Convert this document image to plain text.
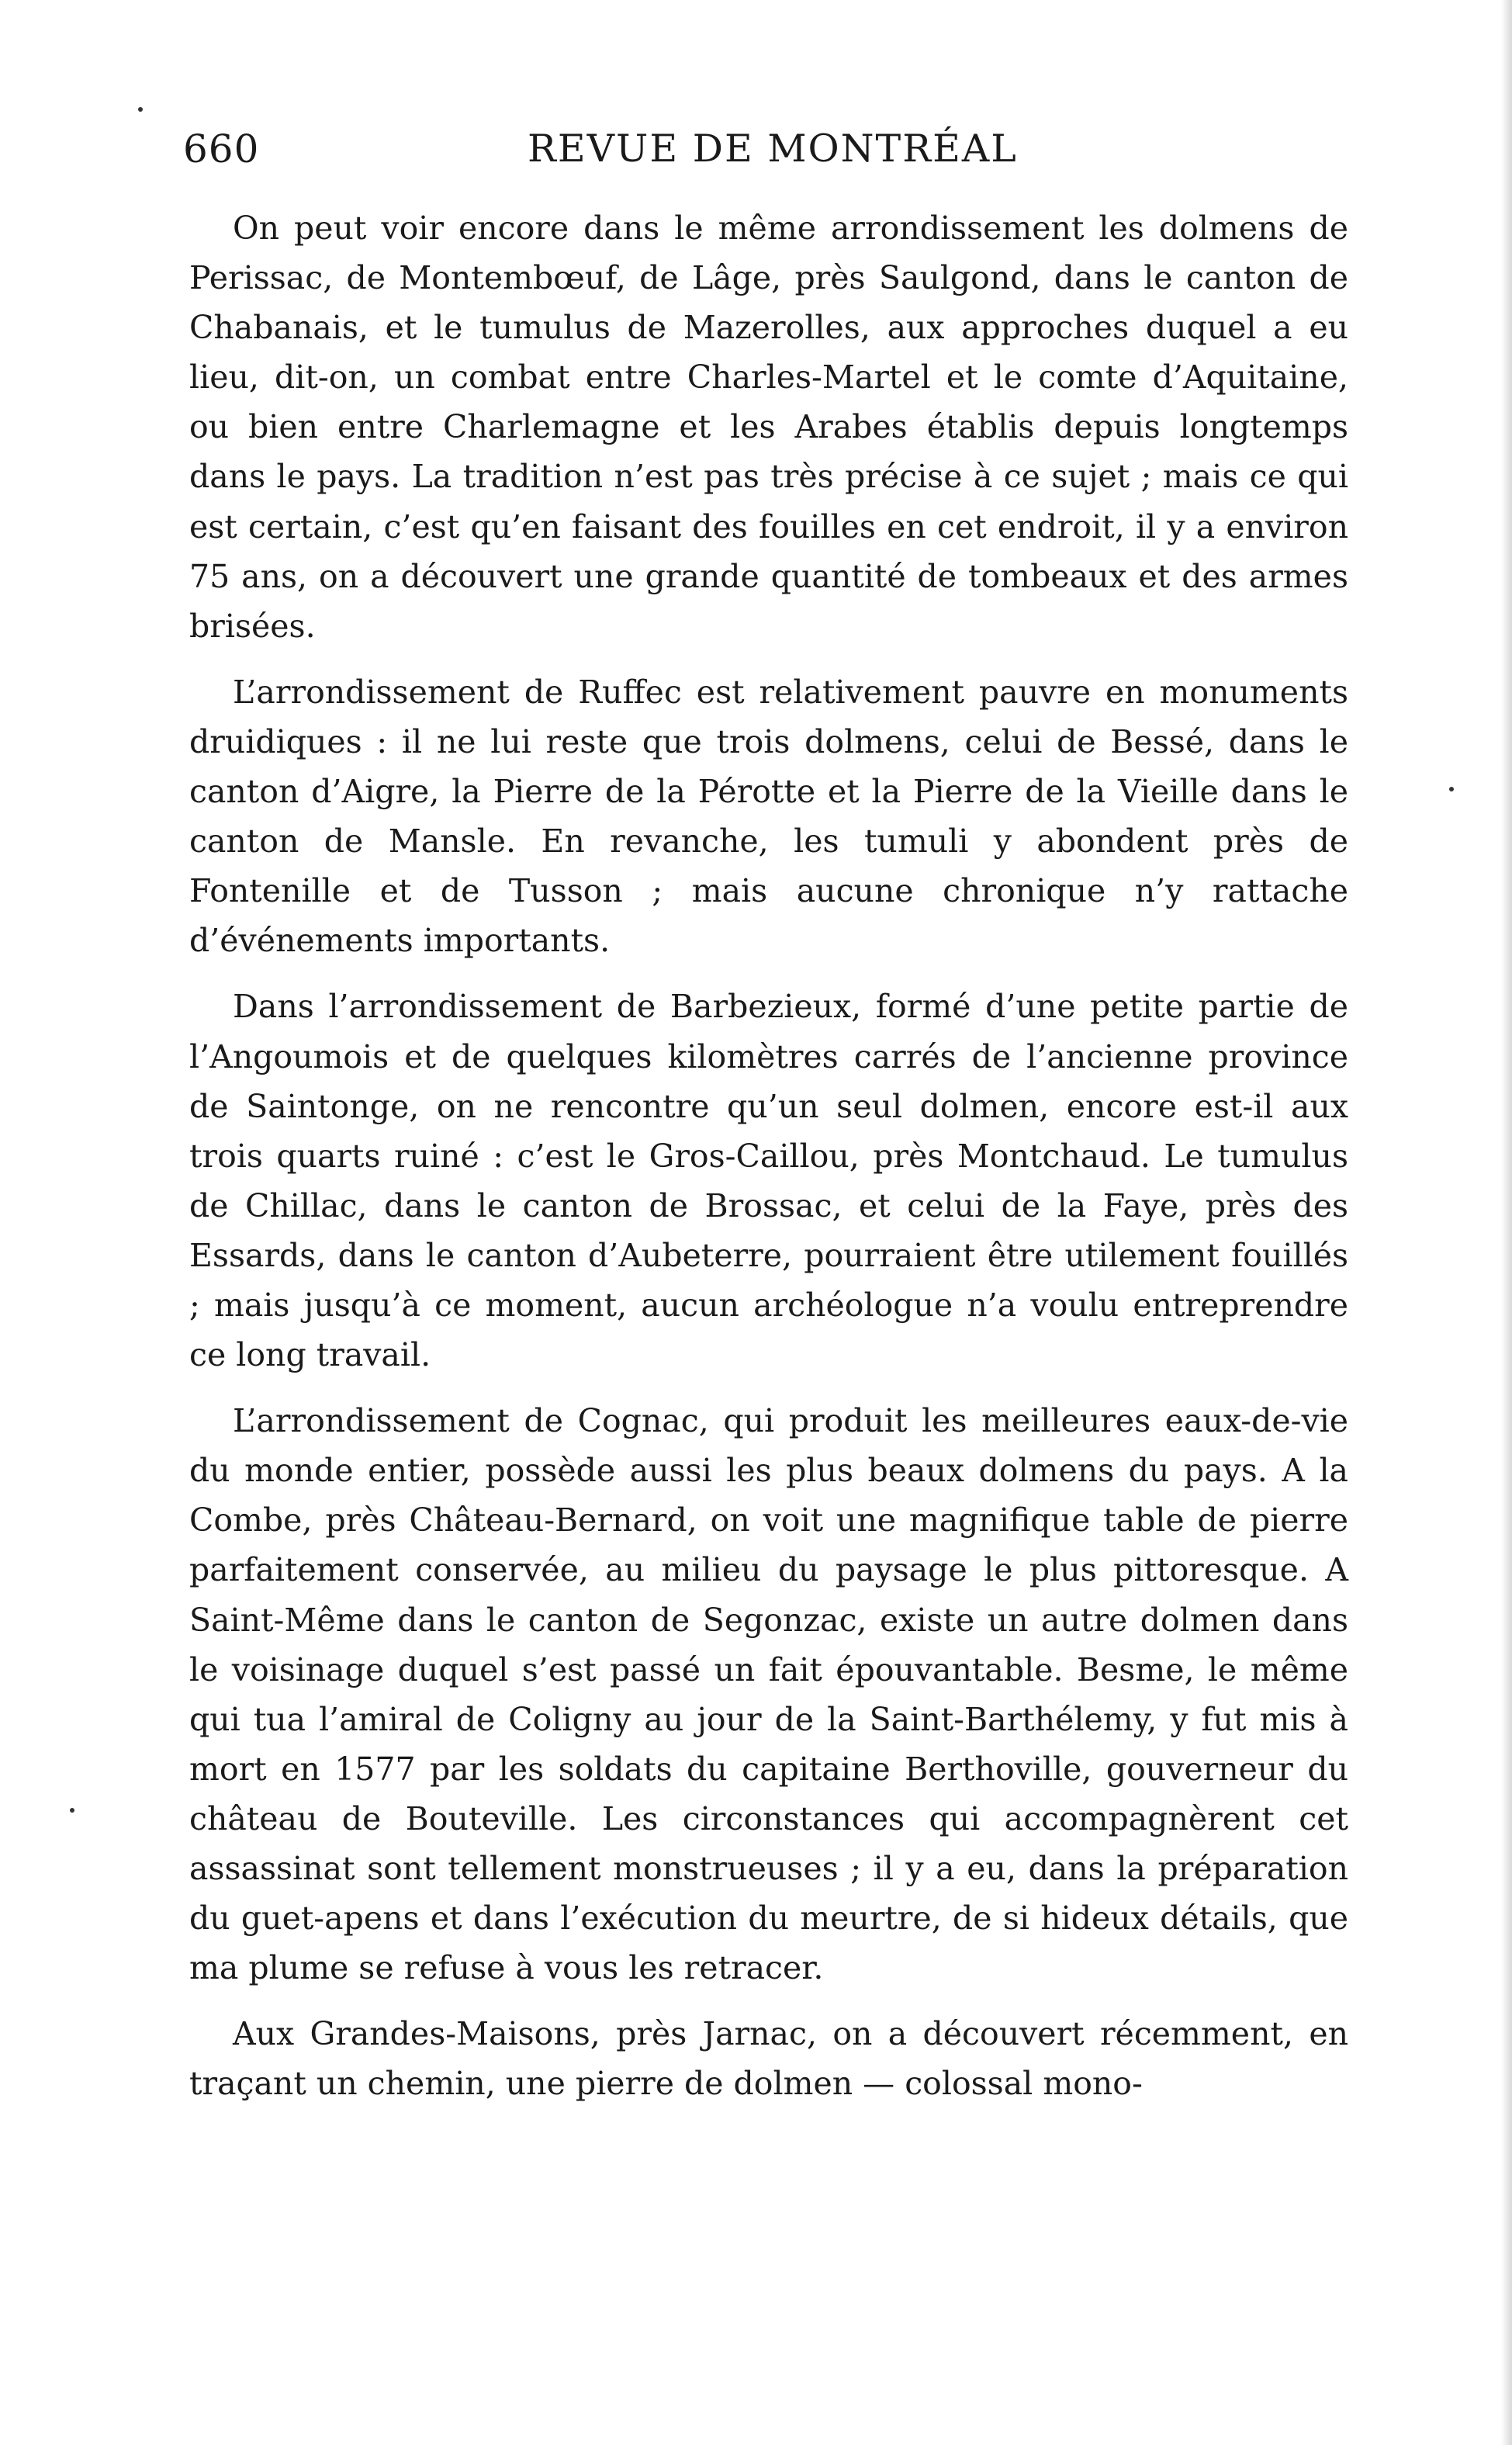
660	REVUE DE MONTRÉAL

On peut voir encore dans le même arrondissement les dolmens de Perissac, de Montembœuf, de Lâge, près Saulgond, dans le canton de Chabanais, et le tumulus de Mazerolles, aux approches duquel a eu lieu, dit-on, un combat entre Charles-Martel et le comte d’Aquitaine, ou bien entre Charlemagne et les Arabes établis depuis longtemps dans le pays. La tradition n’est pas très précise à ce sujet ; mais ce qui est certain, c’est qu’en faisant des fouilles en cet endroit, il y a environ 75 ans, on a découvert une grande quantité de tombeaux et des armes brisées.

L’arrondissement de Ruffec est relativement pauvre en monuments druidiques : il ne lui reste que trois dolmens, celui de Bessé, dans le canton d’Aigre, la Pierre de la Pérotte et la Pierre de la Vieille dans le canton de Mansle. En revanche, les tumuli y abondent près de Fontenille et de Tusson ; mais aucune chronique n’y rattache d’événements importants.

Dans l’arrondissement de Barbezieux, formé d’une petite partie de l’Angoumois et de quelques kilomètres carrés de l’ancienne province de Saintonge, on ne rencontre qu’un seul dolmen, encore est-il aux trois quarts ruiné : c’est le Gros-Caillou, près Montchaud. Le tumulus de Chillac, dans le canton de Brossac, et celui de la Faye, près des Essards, dans le canton d’Aubeterre, pourraient être utilement fouillés ; mais jusqu’à ce moment, aucun archéologue n’a voulu entreprendre ce long travail.

L’arrondissement de Cognac, qui produit les meilleures eaux-de-vie du monde entier, possède aussi les plus beaux dolmens du pays. A la Combe, près Château-Bernard, on voit une magnifique table de pierre parfaitement conservée, au milieu du paysage le plus pittoresque. A Saint-Même dans le canton de Segonzac, existe un autre dolmen dans le voisinage duquel s’est passé un fait épouvantable. Besme, le même qui tua l’amiral de Coligny au jour de la Saint-Barthélemy, y fut mis à mort en 1577 par les soldats du capitaine Berthoville, gouverneur du château de Bouteville. Les circonstances qui accompagnèrent cet assassinat sont tellement monstrueuses ; il y a eu, dans la préparation du guet-apens et dans l’exécution du meurtre, de si hideux détails, que ma plume se refuse à vous les retracer.

Aux Grandes-Maisons, près Jarnac, on a découvert récemment, en traçant un chemin, une pierre de dolmen — colossal mono-
